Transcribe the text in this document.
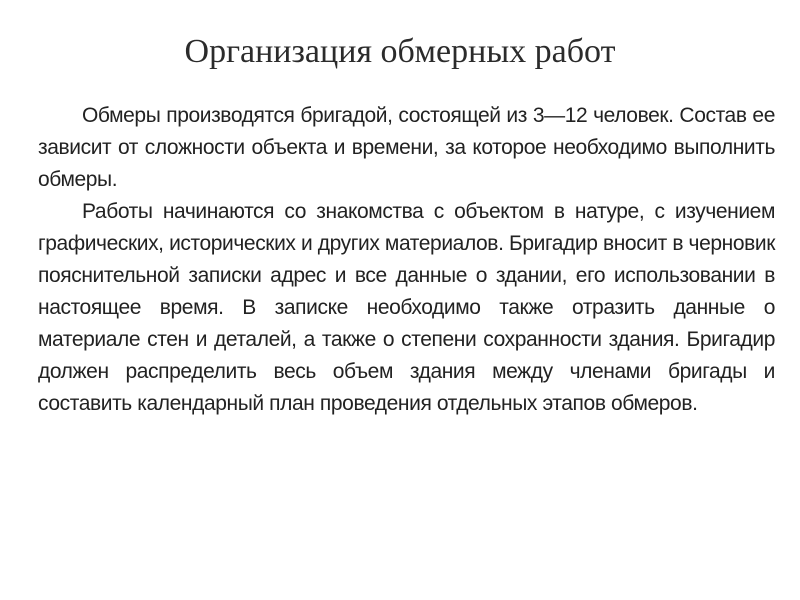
Организация обмерных работ

Обмеры производятся бригадой, состоящей из 3—12 человек. Состав ее зависит от сложности объекта и времени, за которое необходимо выполнить обмеры.

Работы начинаются со знакомства с объектом в натуре, с изучением графических, исторических и других материалов. Бригадир вносит в черновик пояснительной записки адрес и все данные о здании, его использовании в настоящее время. В записке необходимо также отразить данные о материале стен и деталей, а также о степени сохранности здания. Бригадир должен распределить весь объем здания между членами бригады и составить календарный план проведения отдельных этапов обмеров.
